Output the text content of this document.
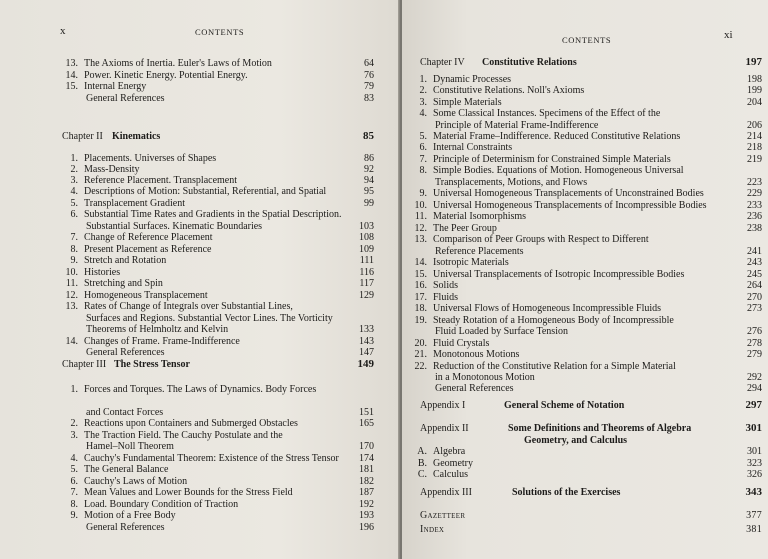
x	CONTENTS
13. The Axioms of Inertia. Euler's Laws of Motion	64
14. Power. Kinetic Energy. Potential Energy.	76
15. Internal Energy	79
General References	83
Chapter II Kinematics	85
1. Placements. Universes of Shapes	86
2. Mass-Density	92
3. Reference Placement. Transplacement	94
4. Descriptions of Motion: Substantial, Referential, and Spatial	95
5. Transplacement Gradient	99
6. Substantial Time Rates and Gradients in the Spatial Description.
Substantial Surfaces. Kinematic Boundaries	103
7. Change of Reference Placement	108
8. Present Placement as Reference	109
9. Stretch and Rotation	111
10. Histories	116
11. Stretching and Spin	117
12. Homogeneous Transplacement	129
13. Rates of Change of Integrals over Substantial Lines,
Surfaces and Regions. Substantial Vector Lines. The Vorticity
Theorems of Helmholtz and Kelvin	133
14. Changes of Frame. Frame-Indifference	143
General References	147
Chapter III The Stress Tensor	149
1. Forces and Torques. The Laws of Dynamics. Body Forces
and Contact Forces	151
2. Reactions upon Containers and Submerged Obstacles	165
3. The Traction Field. The Cauchy Postulate and the
Hamel–Noll Theorem	170
4. Cauchy's Fundamental Theorem: Existence of the Stress Tensor	174
5. The General Balance	181
6. Cauchy's Laws of Motion	182
7. Mean Values and Lower Bounds for the Stress Field	187
8. Load. Boundary Condition of Traction	192
9. Motion of a Free Body	193
General References	196
CONTENTS	xi
Chapter IV Constitutive Relations	197
1. Dynamic Processes	198
2. Constitutive Relations. Noll's Axioms	199
3. Simple Materials	204
4. Some Classical Instances. Specimens of the Effect of the
Principle of Material Frame-Indifference	206
5. Material Frame–Indifference. Reduced Constitutive Relations	214
6. Internal Constraints	218
7. Principle of Determinism for Constrained Simple Materials	219
8. Simple Bodies. Equations of Motion. Homogeneous Universal
Transplacements, Motions, and Flows	223
9. Universal Homogeneous Transplacements of Unconstrained Bodies	229
10. Universal Homogeneous Transplacements of Incompressible Bodies	233
11. Material Isomorphisms	236
12. The Peer Group	238
13. Comparison of Peer Groups with Respect to Different
Reference Placements	241
14. Isotropic Materials	243
15. Universal Transplacements of Isotropic Incompressible Bodies	245
16. Solids	264
17. Fluids	270
18. Universal Flows of Homogeneous Incompressible Fluids	273
19. Steady Rotation of a Homogeneous Body of Incompressible
Fluid Loaded by Surface Tension	276
20. Fluid Crystals	278
21. Monotonous Motions	279
22. Reduction of the Constitutive Relation for a Simple Material
in a Monotonous Motion	292
General References	294
Appendix I	General Scheme of Notation	297
Appendix II	Some Definitions and Theorems of Algebra	301
Geometry, and Calculus
A. Algebra	301
B. Geometry	323
C. Calculus	326
Appendix III	Solutions of the Exercises	343
Gazetteer	377
Index	381
